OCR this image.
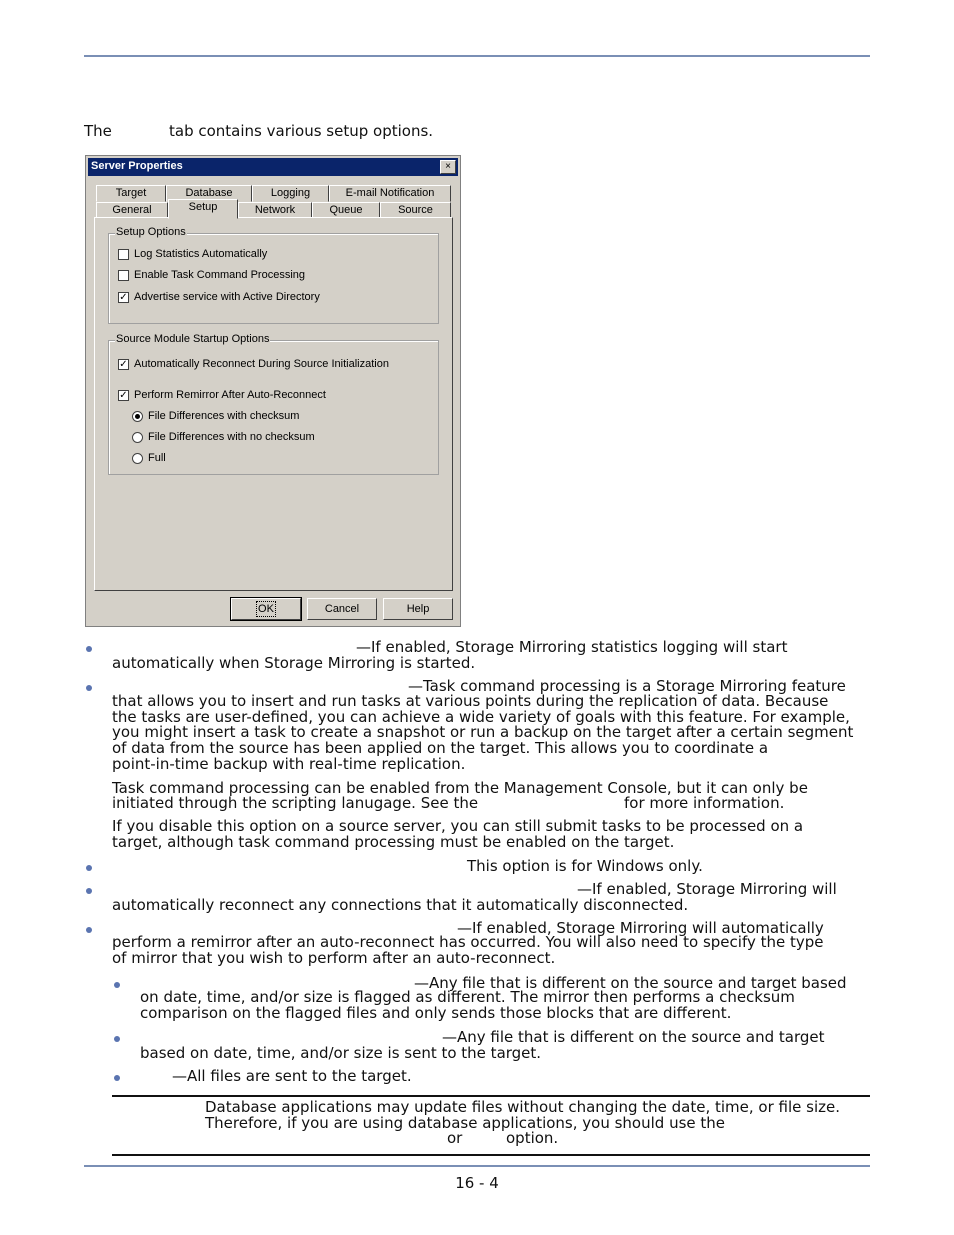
The	tab contains various setup options.
Server Properties	×
Target	Database	Logging	E-mail Notification
General	Setup	Network	Queue	Source
Setup Options
Log Statistics Automatically
Enable Task Command Processing
✓ Advertise service with Active Directory
Source Module Startup Options
✓ Automatically Reconnect During Source Initialization
✓ Perform Remirror After Auto-Reconnect
File Differences with checksum
File Differences with no checksum
Full
OK	Cancel	Help
—If enabled, Storage Mirroring statistics logging will start
automatically when Storage Mirroring is started.
—Task command processing is a Storage Mirroring feature
that allows you to insert and run tasks at various points during the replication of data. Because
the tasks are user-defined, you can achieve a wide variety of goals with this feature. For example,
you might insert a task to create a snapshot or run a backup on the target after a certain segment
of data from the source has been applied on the target. This allows you to coordinate a
point-in-time backup with real-time replication.
Task command processing can be enabled from the Management Console, but it can only be
initiated through the scripting lanugage. See the	for more information.
If you disable this option on a source server, you can still submit tasks to be processed on a
target, although task command processing must be enabled on the target.
This option is for Windows only.
—If enabled, Storage Mirroring will
automatically reconnect any connections that it automatically disconnected.
—If enabled, Storage Mirroring will automatically
perform a remirror after an auto-reconnect has occurred. You will also need to specify the type
of mirror that you wish to perform after an auto-reconnect.
—Any file that is different on the source and target based
on date, time, and/or size is flagged as different. The mirror then performs a checksum
comparison on the flagged files and only sends those blocks that are different.
—Any file that is different on the source and target
based on date, time, and/or size is sent to the target.
—All files are sent to the target.
Database applications may update files without changing the date, time, or file size.
Therefore, if you are using database applications, you should use the
or	option.
16 - 4
